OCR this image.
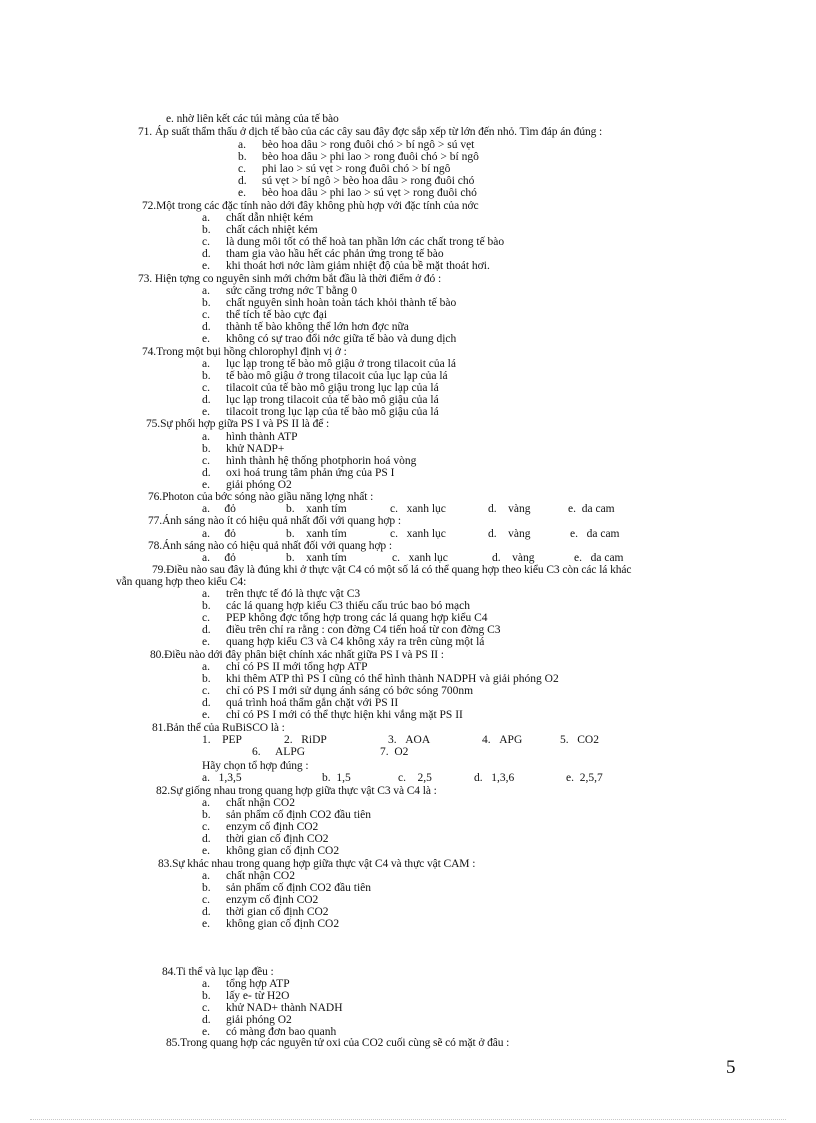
e. nhờ liên kết các túi màng của tế bào
71. Áp suất thẩm thấu ở dịch tế bào của các cây sau đây đợc sắp xếp từ lớn đến nhỏ. Tìm đáp án đúng :
a. bèo hoa dâu > rong đuôi chó > bí ngô > sú vẹt
b. bèo hoa dâu > phi lao > rong đuôi chó > bí ngô
c. phi lao > sú vẹt > rong đuôi chó > bí ngô
d. sú vẹt > bí ngô > bèo hoa dâu > rong đuôi chó
e. bèo hoa dâu > phi lao > sú vẹt > rong đuôi chó
72.Một trong các đặc tính nào dới đây không phù hợp với đặc tính của nớc
a. chất dẫn nhiệt kém
b. chất cách nhiệt kém
c. là dung môi tốt có thể hoà tan phần lớn các chất trong tế bào
d. tham gia vào hầu hết các phản ứng trong tế bào
e. khi thoát hơi nớc làm giảm nhiệt độ của bề mặt thoát hơi.
73. Hiện tợng co nguyên sinh mới chớm bắt đầu là thời điểm ở đó :
a. sức căng trơng nớc T bằng 0
b. chất nguyên sinh hoàn toàn tách khỏi thành tế bào
c. thể tích tế bào cực đại
d. thành tế bào không thể lớn hơn đợc nữa
e. không có sự trao đổi nớc giữa tế bào và dung dịch
74.Trong một bụi hồng chlorophyl định vị ở :
a. lục lạp trong tế bào mô giậu ở trong tilacoit của lá
b. tế bào mô giậu ở trong tilacoit của lục lạp của lá
c. tilacoit của tế bào mô giậu trong lục lạp của lá
d. lục lạp trong tilacoit của tế bào mô giậu của lá
e. tilacoit trong lục lạp của tế bào mô giậu của lá
75.Sự phối hợp giữa PS I và PS II là để :
a. hình thành ATP
b. khử NADP+
c. hình thành hệ thống photphorin hoá vòng
d. oxi hoá trung tâm phản ứng của PS I
e. giải phóng O2
76.Photon của bớc sóng nào giầu năng lợng nhất :
a. đỏ	b. xanh tím	c. xanh lục	d. vàng	e. da cam
77.Ánh sáng nào ít có hiệu quả nhất đối với quang hợp :
a. đỏ	b. xanh tím	c. xanh lục	d. vàng	e. da cam
78.Ánh sáng nào có hiệu quả nhất đối với quang hợp :
a. đỏ	b. xanh tím	c. xanh lục	d. vàng	e. da cam
79.Điều nào sau đây là đúng khi ở thực vật C4 có một số lá có thể quang hợp theo kiểu C3 còn các lá khác
vẫn quang hợp theo kiểu C4:
a. trên thực tế đó là thực vật C3
b. các lá quang hợp kiểu C3 thiếu cấu trúc bao bó mạch
c. PEP không đợc tổng hợp trong các lá quang hợp kiểu C4
d. điều trên chỉ ra rằng : con đờng C4 tiến hoá từ con đờng C3
e. quang hợp kiểu C3 và C4 không xảy ra trên cùng một lá
80.Điều nào dới đây phân biệt chính xác nhất giữa PS I và PS II :
a. chỉ có PS II mới tổng hợp ATP
b. khi thêm ATP thì PS I cũng có thể hình thành NADPH và giải phóng O2
c. chỉ có PS I mới sử dụng ánh sáng có bớc sóng 700nm
d. quá trình hoá thẩm gắn chặt với PS II
e. chỉ có PS I mới có thể thực hiện khi vắng mặt PS II
81.Bản thể của RuBiSCO là :
1. PEP	2. RiDP	3. AOA	4. APG	5. CO2
6. ALPG	7. O2
Hãy chọn tổ hợp đúng :
a. 1,3,5	b. 1,5	c. 2,5	d. 1,3,6	e. 2,5,7
82.Sự giống nhau trong quang hợp giữa thực vật C3 và C4 là :
a. chất nhận CO2
b. sản phẩm cố định CO2 đầu tiên
c. enzym cố định CO2
d. thời gian cố định CO2
e. không gian cố định CO2
83.Sự khác nhau trong quang hợp giữa thực vật C4 và thực vật CAM :
a. chất nhận CO2
b. sản phẩm cố định CO2 đầu tiên
c. enzym cố định CO2
d. thời gian cố định CO2
e. không gian cố định CO2
84.Ti thể và lục lạp đều :
a. tổng hợp ATP
b. lấy e- từ H2O
c. khử NAD+ thành NADH
d. giải phóng O2
e. có màng đơn bao quanh
85.Trong quang hợp các nguyên tử oxi của CO2 cuối cùng sẽ có mặt ở đâu :
5
